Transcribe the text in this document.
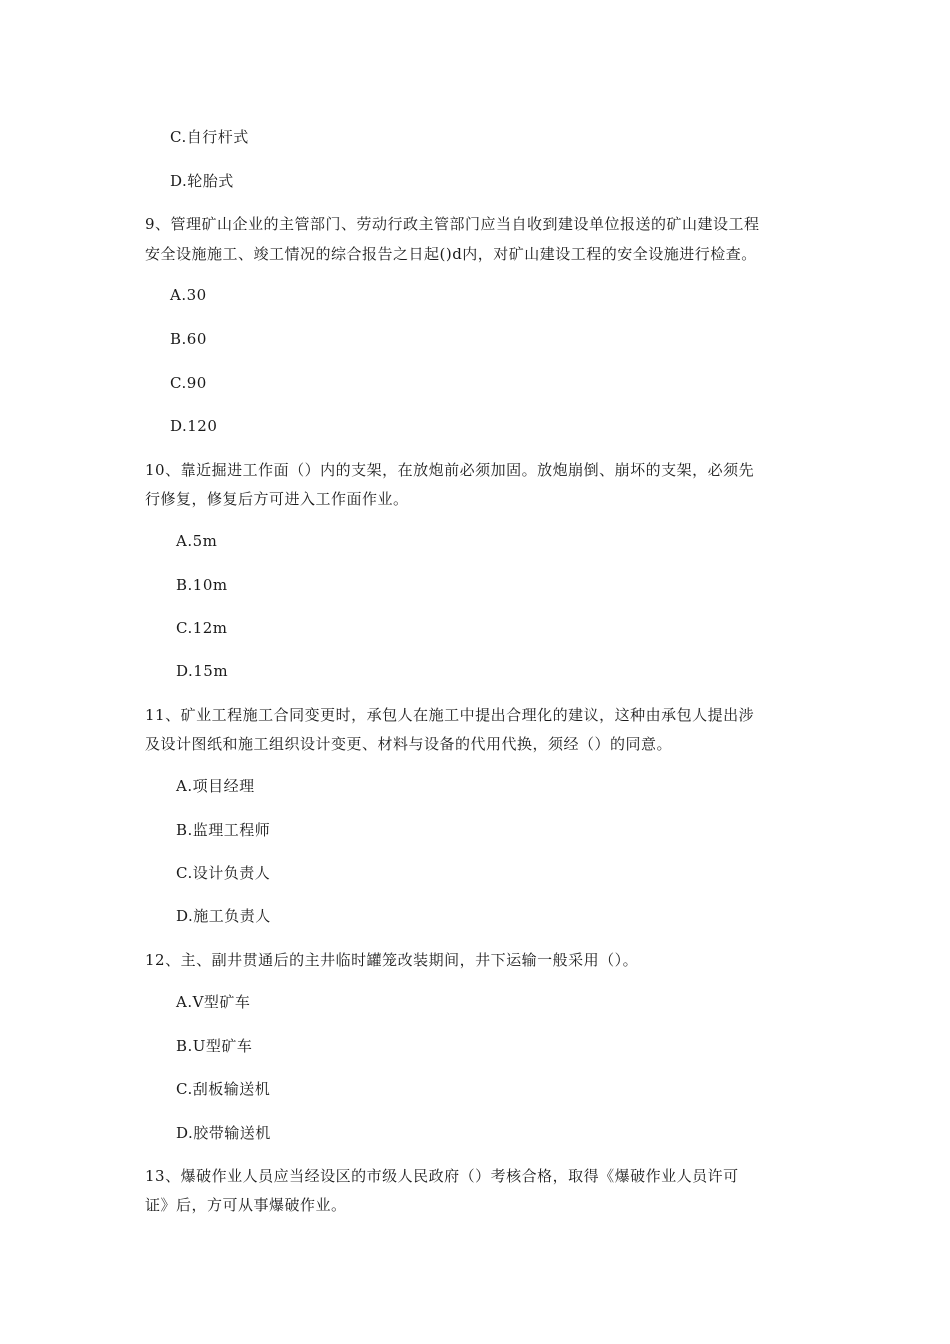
C.自行杆式
D.轮胎式
9、管理矿山企业的主管部门、劳动行政主管部门应当自收到建设单位报送的矿山建设工程
安全设施施工、竣工情况的综合报告之日起()d内，对矿山建设工程的安全设施进行检查。
A.30
B.60
C.90
D.120
10、靠近掘进工作面（）内的支架，在放炮前必须加固。放炮崩倒、崩坏的支架，必须先
行修复，修复后方可进入工作面作业。
A.5m
B.10m
C.12m
D.15m
11、矿业工程施工合同变更时，承包人在施工中提出合理化的建议，这种由承包人提出涉
及设计图纸和施工组织设计变更、材料与设备的代用代换，须经（）的同意。
A.项目经理
B.监理工程师
C.设计负责人
D.施工负责人
12、主、副井贯通后的主井临时罐笼改装期间，井下运输一般采用（）。
A.V型矿车
B.U型矿车
C.刮板输送机
D.胶带输送机
13、爆破作业人员应当经设区的市级人民政府（）考核合格，取得《爆破作业人员许可
证》后，方可从事爆破作业。
